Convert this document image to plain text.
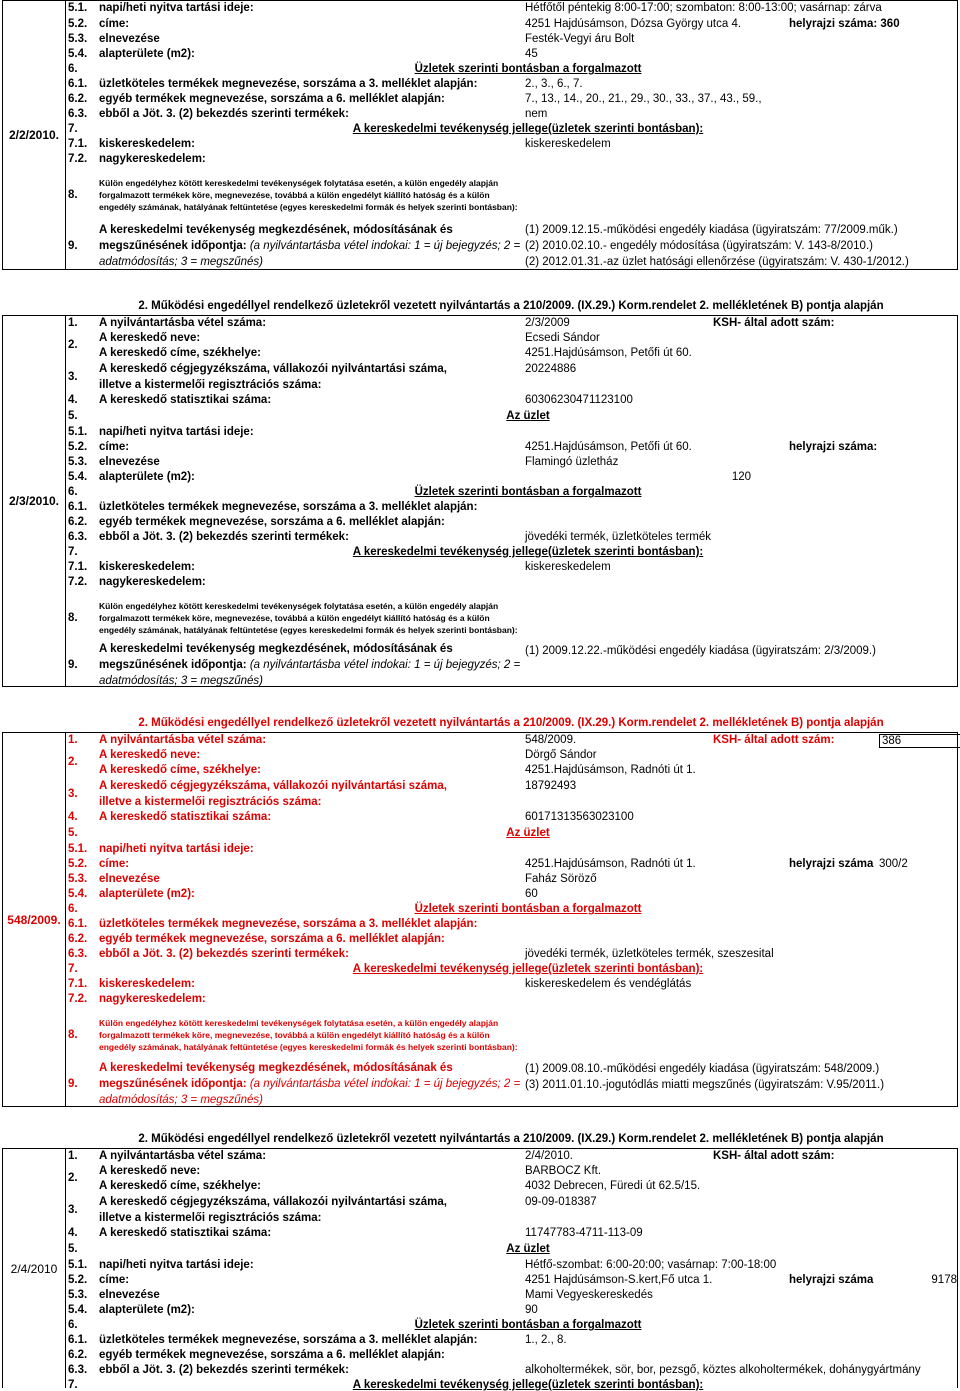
2/2/2010.
5.1.	napi/heti nyitva tartási ideje:	Hétfőtől péntekig 8:00-17:00; szombaton: 8:00-13:00; vasárnap: zárva
5.2.	címe:	4251 Hajdúsámson, Dózsa György utca 4.	helyrajzi száma: 360
5.3.	elnevezése	Festék-Vegyi áru Bolt
5.4.	alapterülete (m2):	45
6.	Üzletek szerinti bontásban a forgalmazott
6.1.	üzletköteles termékek megnevezése, sorszáma a 3. melléklet alapján:	2., 3., 6., 7.
6.2.	egyéb termékek megnevezése, sorszáma a 6. melléklet alapján:	7., 13., 14., 20., 21., 29., 30., 33., 37., 43., 59.,
6.3.	ebből a Jöt. 3. (2) bekezdés szerinti termékek:	nem
7.	A kereskedelmi tevékenység jellege(üzletek szerinti bontásban):
7.1.	kiskereskedelem:	kiskereskedelem
7.2.	nagykereskedelem:
8.
Külön engedélyhez kötött kereskedelmi tevékenységek folytatása esetén, a külön engedély alapján forgalmazott termékek köre, megnevezése, továbbá a külön engedélyt kiállító hatóság és a külön engedély számának, hatályának feltüntetése (egyes kereskedelmi formák és helyek szerinti bontásban):
9.
A kereskedelmi tevékenység megkezdésének, módosításának és megszűnésének időpontja: (a nyilvántartásba vétel indokai: 1 = új bejegyzés; 2 = adatmódosítás; 3 = megszűnés)
(1) 2009.12.15.-működési engedély kiadása (ügyiratszám: 77/2009.műk.)
(2) 2010.02.10.- engedély módosítása (ügyiratszám: V. 143-8/2010.)
(2) 2012.01.31.-az üzlet hatósági ellenőrzése (ügyiratszám: V. 430-1/2012.)
2. Működési engedéllyel rendelkező üzletekről vezetett nyilvántartás a 210/2009. (IX.29.) Korm.rendelet 2. mellékletének B) pontja alapján
2/3/2010.
1.	A nyilvántartásba vétel száma:	2/3/2009	KSH- által adott szám:
A kereskedő neve:	Ecsedi Sándor
2.
A kereskedő címe, székhelye:	4251.Hajdúsámson, Petőfi út 60.
A kereskedő cégjegyzékszáma, vállakozói nyilvántartási száma,	20224886
3.
illetve a kistermelői regisztrációs száma:
4.	A kereskedő statisztikai száma:	603062304711231​00
5.	Az üzlet
5.1.	napi/heti nyitva tartási ideje:
5.2.	címe:	4251.Hajdúsámson, Petőfi út 60.	helyrajzi száma:
5.3.	elnevezése	Flamingó üzletház
5.4.	alapterülete (m2):	120
6.	Üzletek szerinti bontásban a forgalmazott
6.1.	üzletköteles termékek megnevezése, sorszáma a 3. melléklet alapján:
6.2.	egyéb termékek megnevezése, sorszáma a 6. melléklet alapján:
6.3.	ebből a Jöt. 3. (2) bekezdés szerinti termékek:	jövedéki termék, üzletköteles termék
7.	A kereskedelmi tevékenység jellege(üzletek szerinti bontásban):
7.1.	kiskereskedelem:	kiskereskedelem
7.2.	nagykereskedelem:
8.
Külön engedélyhez kötött kereskedelmi tevékenységek folytatása esetén, a külön engedély alapján forgalmazott termékek köre, megnevezése, továbbá a külön engedélyt kiállító hatóság és a külön engedély számának, hatályának feltüntetése (egyes kereskedelmi formák és helyek szerinti bontásban):
9.
A kereskedelmi tevékenység megkezdésének, módosításának és megszűnésének időpontja: (a nyilvántartásba vétel indokai: 1 = új bejegyzés; 2 = adatmódosítás; 3 = megszűnés)
(1) 2009.12.22.-működési engedély kiadása (ügyiratszám: 2/3/2009.)
2. Működési engedéllyel rendelkező üzletekről vezetett nyilvántartás a 210/2009. (IX.29.) Korm.rendelet 2. mellékletének B) pontja alapján
548/2009.
1.	A nyilvántartásba vétel száma:	548/2009.	KSH- által adott szám:	386
A kereskedő neve:	Dörgő Sándor
2.
A kereskedő címe, székhelye:	4251.Hajdúsámson, Radnóti út 1.
A kereskedő cégjegyzékszáma, vállakozói nyilvántartási száma,	18792493
3.
illetve a kistermelői regisztrációs száma:
4.	A kereskedő statisztikai száma:	60171313563023100
5.	Az üzlet
5.1.	napi/heti nyitva tartási ideje:
5.2.	címe:	4251.Hajdúsámson, Radnóti út 1.	helyrajzi száma 300/2
5.3.	elnevezése	Faház Söröző
5.4.	alapterülete (m2):	60
6.	Üzletek szerinti bontásban a forgalmazott
6.1.	üzletköteles termékek megnevezése, sorszáma a 3. melléklet alapján:
6.2.	egyéb termékek megnevezése, sorszáma a 6. melléklet alapján:
6.3.	ebből a Jöt. 3. (2) bekezdés szerinti termékek:	jövedéki termék, üzletköteles termék, szeszesital
7.	A kereskedelmi tevékenység jellege(üzletek szerinti bontásban):
7.1.	kiskereskedelem:	kiskereskedelem és vendéglátás
7.2.	nagykereskedelem:
8.
Külön engedélyhez kötött kereskedelmi tevékenységek folytatása esetén, a külön engedély alapján forgalmazott termékek köre, megnevezése, továbbá a külön engedélyt kiállító hatóság és a külön engedély számának, hatályának feltüntetése (egyes kereskedelmi formák és helyek szerinti bontásban):
9.
A kereskedelmi tevékenység megkezdésének, módosításának és megszűnésének időpontja: (a nyilvántartásba vétel indokai: 1 = új bejegyzés; 2 = adatmódosítás; 3 = megszűnés)
(1) 2009.08.10.-működési engedély kiadása (ügyiratszám: 548/2009.)
(3) 2011.01.10.-jogutódlás miatti megszűnés (ügyiratszám: V.95/2011.)
2. Működési engedéllyel rendelkező üzletekről vezetett nyilvántartás a 210/2009. (IX.29.) Korm.rendelet 2. mellékletének B) pontja alapján
2/4/2010
1.	A nyilvántartásba vétel száma:	2/4/2010.	KSH- által adott szám:
A kereskedő neve:	BARBÓCZ Kft.
2.
A kereskedő címe, székhelye:	4032 Debrecen, Füredi út 62.5/15.
A kereskedő cégjegyzékszáma, vállakozói nyilvántartási száma,	09-09-018387
3.
illetve a kistermelői regisztrációs száma:
4.	A kereskedő statisztikai száma:	11747783-4711-113-09
5.	Az üzlet
5.1.	napi/heti nyitva tartási ideje:	Hétfő-szombat: 6:00-20:00; vasárnap: 7:00-18:00
5.2.	címe:	4251 Hajdúsámson-S.kert,Fő utca 1.	helyrajzi száma	9178
5.3.	elnevezése	Mami Vegyeskereskedés
5.4.	alapterülete (m2):	90
6.	Üzletek szerinti bontásban a forgalmazott
6.1.	üzletköteles termékek megnevezése, sorszáma a 3. melléklet alapján:	1., 2., 8.
6.2.	egyéb termékek megnevezése, sorszáma a 6. melléklet alapján:
6.3.	ebből a Jöt. 3. (2) bekezdés szerinti termékek:	alkoholtermékek, sör, bor, pezsgő, köztes alkoholtermékek, dohánygyártmány
7.	A kereskedelmi tevékenység jellege(üzletek szerinti bontásban):
